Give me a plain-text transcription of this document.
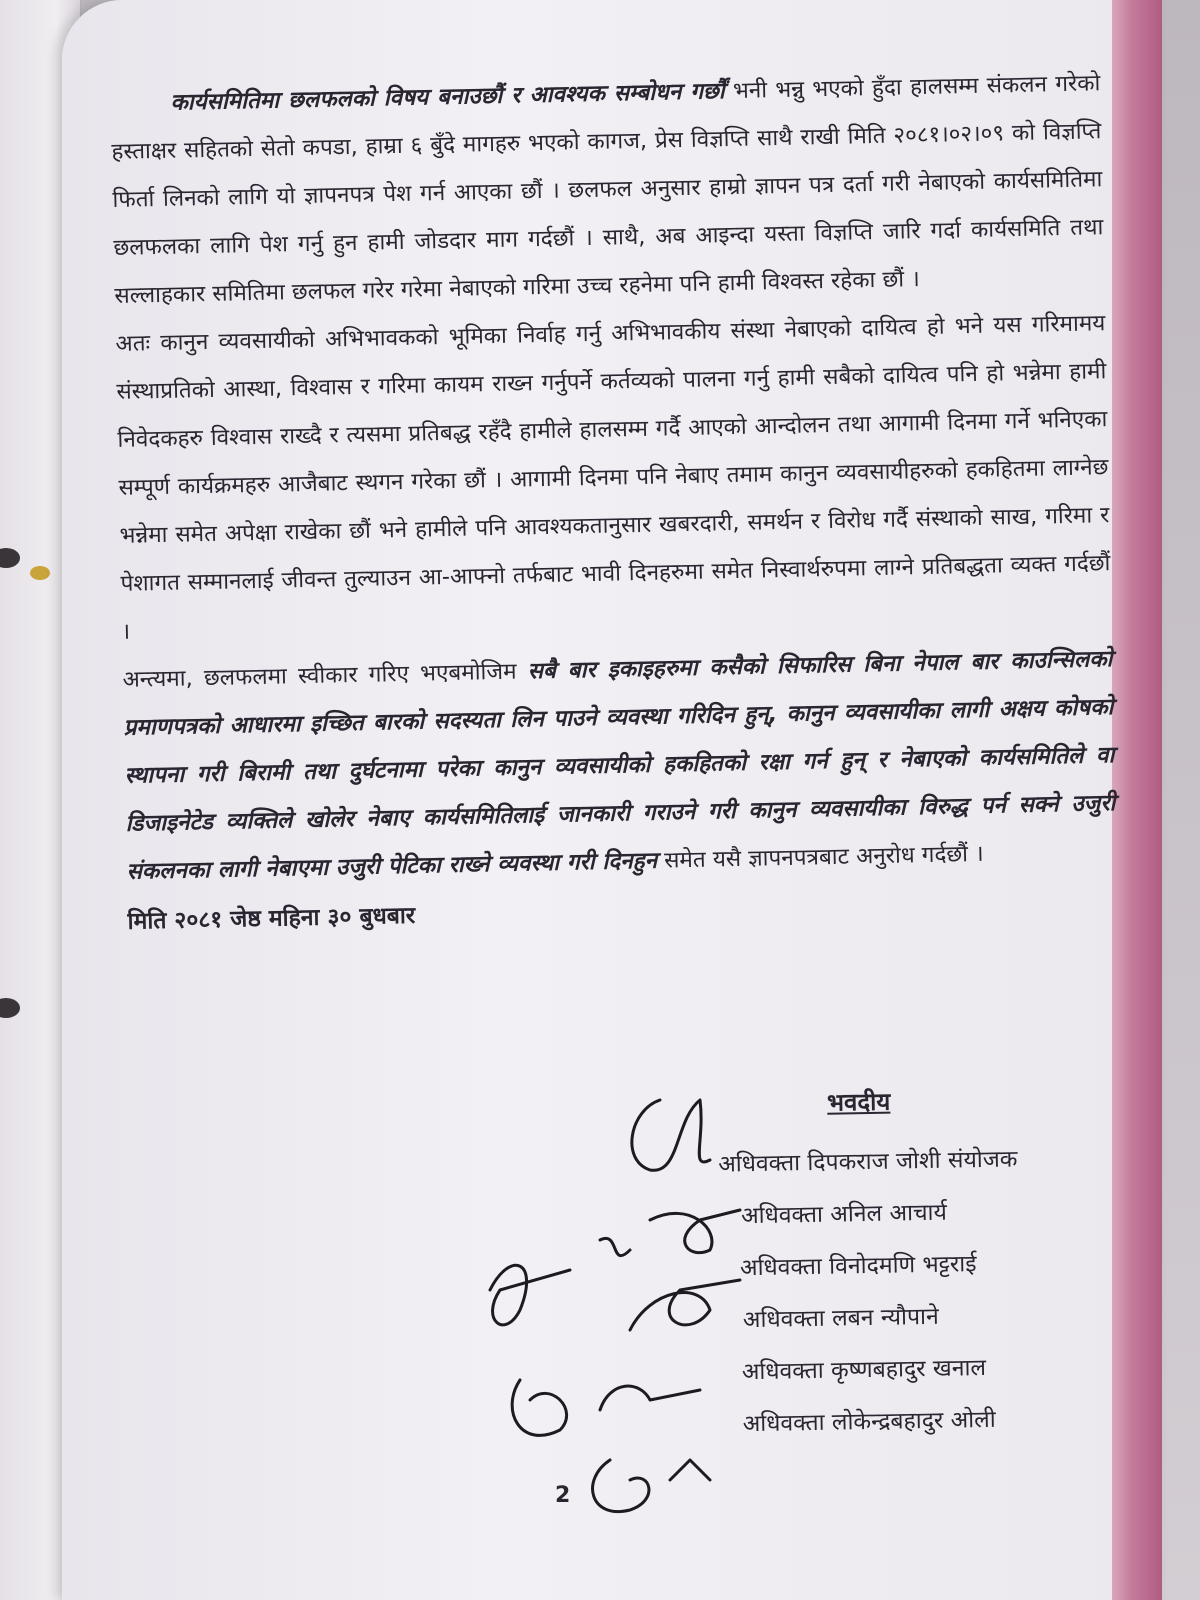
कार्यसमितिमा छलफलको विषय बनाउछौं र आवश्यक सम्बोधन गर्छौं भनी भन्नु भएको हुँदा हालसम्म संकलन गरेको हस्ताक्षर सहितको सेतो कपडा, हाम्रा ६ बुँदे मागहरु भएको कागज, प्रेस विज्ञप्ति साथै राखी मिति २०८१।०२।०९ को विज्ञप्ति फिर्ता लिनको लागि यो ज्ञापनपत्र पेश गर्न आएका छौं । छलफल अनुसार हाम्रो ज्ञापन पत्र दर्ता गरी नेबाएको कार्यसमितिमा छलफलका लागि पेश गर्नु हुन हामी जोडदार माग गर्दछौं । साथै, अब आइन्दा यस्ता विज्ञप्ति जारि गर्दा कार्यसमिति तथा सल्लाहकार समितिमा छलफल गरेर गरेमा नेबाएको गरिमा उच्च रहनेमा पनि हामी विश्वस्त रहेका छौं ।

अतः कानुन व्यवसायीको अभिभावकको भूमिका निर्वाह गर्नु अभिभावकीय संस्था नेबाएको दायित्व हो भने यस गरिमामय संस्थाप्रतिको आस्था, विश्वास र गरिमा कायम राख्न गर्नुपर्ने कर्तव्यको पालना गर्नु हामी सबैको दायित्व पनि हो भन्नेमा हामी निवेदकहरु विश्वास राख्दै र त्यसमा प्रतिबद्ध रहँदै हामीले हालसम्म गर्दै आएको आन्दोलन तथा आगामी दिनमा गर्ने भनिएका सम्पूर्ण कार्यक्रमहरु आजैबाट स्थगन गरेका छौं । आगामी दिनमा पनि नेबाए तमाम कानुन व्यवसायीहरुको हकहितमा लाग्नेछ भन्नेमा समेत अपेक्षा राखेका छौं भने हामीले पनि आवश्यकतानुसार खबरदारी, समर्थन र विरोध गर्दै संस्थाको साख, गरिमा र पेशागत सम्मानलाई जीवन्त तुल्याउन आ-आफ्नो तर्फबाट भावी दिनहरुमा समेत निस्वार्थरुपमा लाग्ने प्रतिबद्धता व्यक्त गर्दछौं ।

अन्त्यमा, छलफलमा स्वीकार गरिए भएबमोजिम सबै बार इकाइहरुमा कसैको सिफारिस बिना नेपाल बार काउन्सिलको प्रमाणपत्रको आधारमा इच्छित बारको सदस्यता लिन पाउने व्यवस्था गरिदिन हुन्, कानुन व्यवसायीका लागी अक्षय कोषको स्थापना गरी बिरामी तथा दुर्घटनामा परेका कानुन व्यवसायीको हकहितको रक्षा गर्न हुन् र नेबाएको कार्यसमितिले वा डिजाइनेटेड व्यक्तिले खोलेर नेबाए कार्यसमितिलाई जानकारी गराउने गरी कानुन व्यवसायीका विरुद्ध पर्न सक्ने उजुरी संकलनका लागी नेबाएमा उजुरी पेटिका राख्ने व्यवस्था गरी दिनहुन समेत यसै ज्ञापनपत्रबाट अनुरोध गर्दछौं ।

मिति २०८१ जेष्ठ महिना ३० बुधबार
भवदीय
अधिवक्ता दिपकराज जोशी संयोजक
अधिवक्ता अनिल आचार्य
अधिवक्ता विनोदमणि भट्टराई
अधिवक्ता लबन न्यौपाने
अधिवक्ता कृष्णबहादुर खनाल
अधिवक्ता लोकेन्द्रबहादुर ओली
2
